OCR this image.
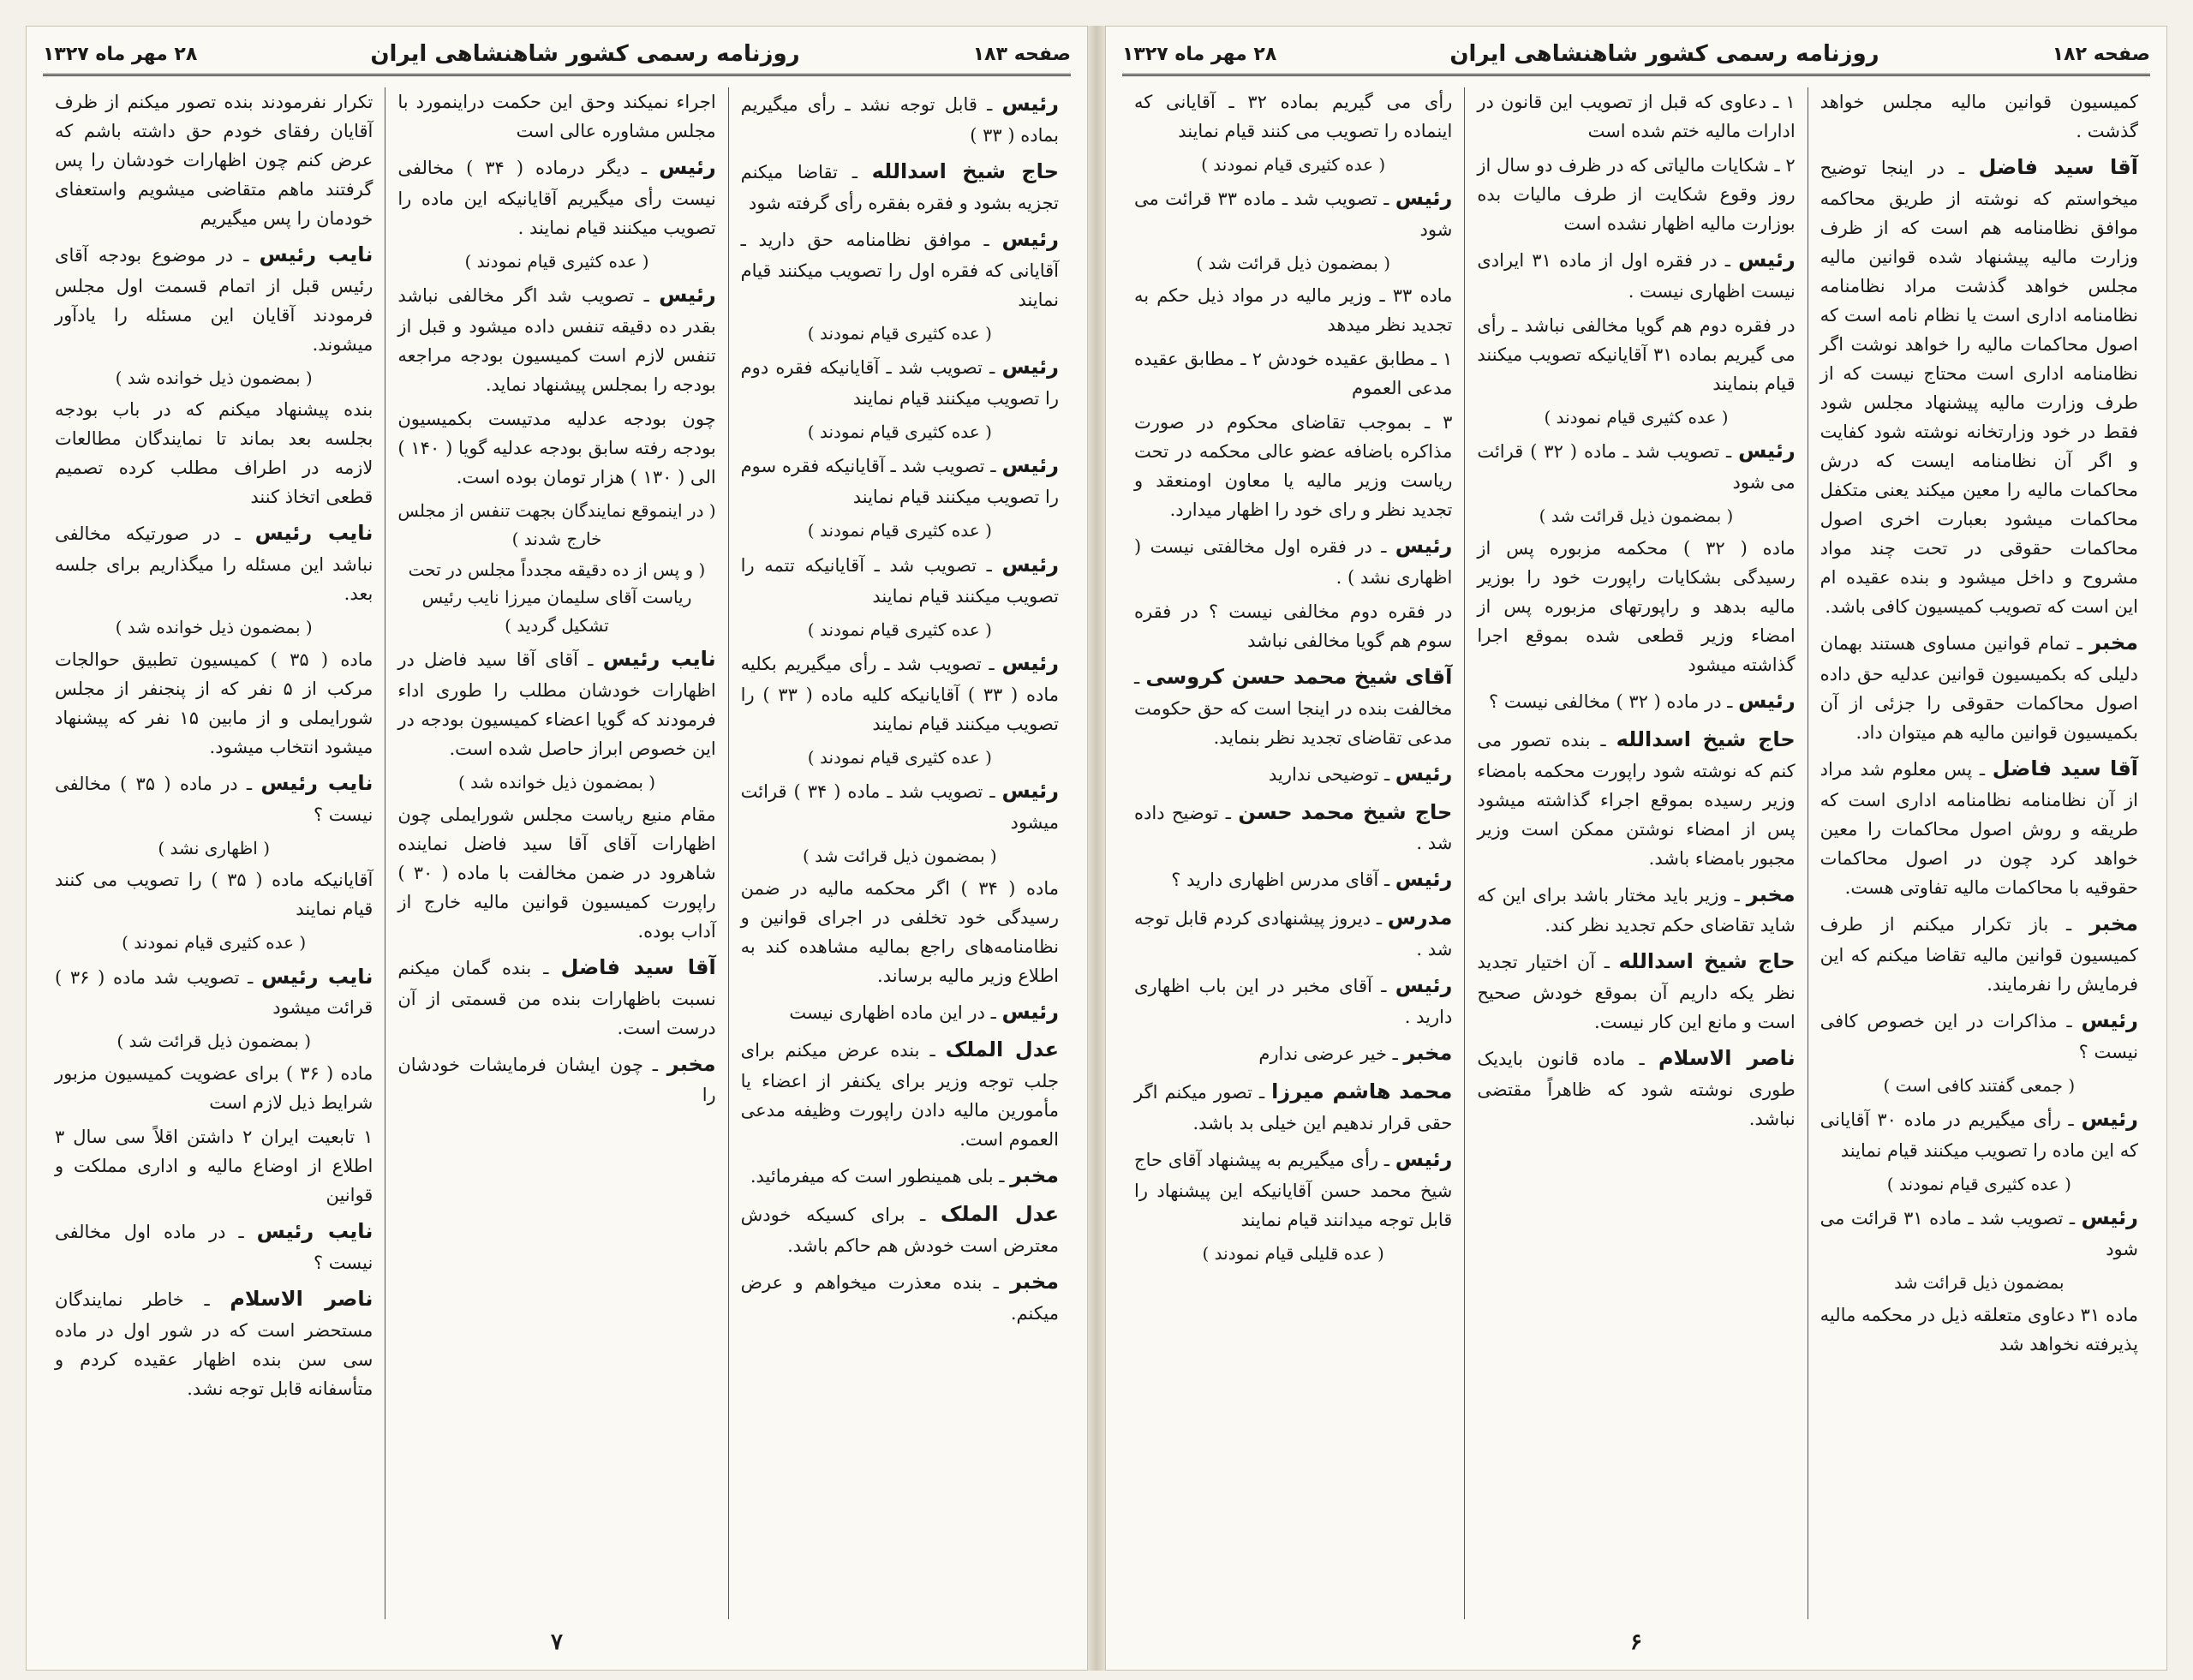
صفحه ۱۸۲
روزنامه رسمی کشور شاهنشاهی ایران
۲۸ مهر ماه ۱۳۲۷

کمیسیون قوانین مالیه مجلس خواهد گذشت .

آقا سید فاضل ـ در اینجا توضیح میخواستم که نوشته از طریق محاکمه موافق نظامنامه هم است که از ظرف وزارت مالیه پیشنهاد شده قوانین مالیه مجلس خواهد گذشت مراد نظامنامه نظامنامه اداری است یا نظام نامه است که اصول محاکمات مالیه را خواهد نوشت اگر نظامنامه اداری است محتاج نیست که از طرف وزارت مالیه پیشنهاد مجلس شود فقط در خود وزارتخانه نوشته شود کفایت و اگر آن نظامنامه ایست که درش محاکمات مالیه را معین میکند یعنی متکفل محاکمات میشود بعبارت اخری اصول محاکمات حقوقی در تحت چند مواد مشروح و داخل میشود و بنده عقیده ام این است که تصویب کمیسیون کافی باشد.

مخبر ـ تمام قوانین مساوی هستند بهمان دلیلی که بکمیسیون قوانین عدلیه حق داده اصول محاکمات حقوقی را جزئی از آن بکمیسیون قوانین مالیه هم میتوان داد.

آقا سید فاضل ـ پس معلوم شد مراد از آن نظامنامه نظامنامه اداری است که طریقه و روش اصول محاکمات را معین خواهد کرد چون در اصول محاکمات حقوقیه با محاکمات مالیه تفاوتی هست.

مخبر ـ باز تکرار میکنم از طرف کمیسیون قوانین مالیه تقاضا میکنم که این فرمایش را نفرمایند.

رئیس ـ مذاکرات در این خصوص کافی نیست ؟

( جمعی گفتند کافی است )

رئیس ـ رأی میگیریم در ماده ۳۰ آقایانی که این ماده را تصویب میکنند قیام نمایند

( عده کثیری قیام نمودند )

رئیس ـ تصویب شد ـ ماده ۳۱ قرائت می شود

بمضمون ذیل قرائت شد

ماده ۳۱ دعاوی متعلقه ذیل در محکمه مالیه پذیرفته نخواهد شد

۱ ـ دعاوی که قبل از تصویب این قانون در ادارات مالیه ختم شده است

۲ ـ شکایات مالیاتی که در ظرف دو سال از روز وقوع شکایت از طرف مالیات بده بوزارت مالیه اظهار نشده است

رئیس ـ در فقره اول از ماده ۳۱ ایرادی نیست اظهاری نیست .

در فقره دوم هم گویا مخالفی نباشد ـ رأی می گیریم بماده ۳۱ آقایانیکه تصویب میکنند قیام بنمایند

( عده کثیری قیام نمودند )

رئیس ـ تصویب شد ـ ماده ( ۳۲ ) قرائت می شود

( بمضمون ذیل قرائت شد )

ماده ( ۳۲ ) محکمه مزبوره پس از رسیدگی بشکایات راپورت خود را بوزیر مالیه بدهد و راپورتهای مزبوره پس از امضاء وزیر قطعی شده بموقع اجرا گذاشته میشود

رئیس ـ در ماده ( ۳۲ ) مخالفی نیست ؟

حاج شیخ اسدالله ـ بنده تصور می کنم که نوشته شود راپورت محکمه بامضاء وزیر رسیده بموقع اجراء گذاشته میشود پس از امضاء نوشتن ممکن است وزیر مجبور بامضاء باشد.

مخبر ـ وزیر باید مختار باشد برای این که شاید تقاضای حکم تجدید نظر کند.

حاج شیخ اسدالله ـ آن اختیار تجدید نظر یکه داریم آن بموقع خودش صحیح است و مانع این کار نیست.

ناصر الاسلام ـ ماده قانون بایدیک طوری نوشته شود که ظاهراً مقتضی نباشد.

رأی می گیریم بماده ۳۲ ـ آقایانی که اینماده را تصویب می کنند قیام نمایند

( عده کثیری قیام نمودند )

رئیس ـ تصویب شد ـ ماده ۳۳ قرائت می شود

( بمضمون ذیل قرائت شد )

ماده ۳۳ ـ وزیر مالیه در مواد ذیل حکم به تجدید نظر میدهد

۱ ـ مطابق عقیده خودش ۲ ـ مطابق عقیده مدعی العموم

۳ ـ بموجب تقاضای محکوم در صورت مذاکره باضافه عضو عالی محکمه در تحت ریاست وزیر مالیه یا معاون اومنعقد و تجدید نظر و رای خود را اظهار میدارد.

رئیس ـ در فقره اول مخالفتی نیست ( اظهاری نشد ) .

در فقره دوم مخالفی نیست ؟ در فقره سوم هم گویا مخالفی نباشد

آقای شیخ محمد حسن کروسی ـ مخالفت بنده در اینجا است که حق حکومت مدعی تقاضای تجدید نظر بنماید.

رئیس ـ توضیحی ندارید

حاج شیخ محمد حسن ـ توضیح داده شد .

رئیس ـ آقای مدرس اظهاری دارید ؟

مدرس ـ دیروز پیشنهادی کردم قابل توجه شد .

رئیس ـ آقای مخبر در این باب اظهاری دارید .

مخبر ـ خیر عرضی ندارم

محمد هاشم میرزا ـ تصور میکنم اگر حقی قرار ندهیم این خیلی بد باشد.

رئیس ـ رأی میگیریم به پیشنهاد آقای حاج شیخ محمد حسن آقایانیکه این پیشنهاد را قابل توجه میدانند قیام نمایند

( عده قلیلی قیام نمودند )
۶
۲۸ مهر ماه ۱۳۲۷	روزنامه رسمی کشور شاهنشاهی ایران	صفحه ۱۸۳

رئیس ـ قابل توجه نشد ـ رأی میگیریم بماده ( ۳۳ )

حاج شیخ اسدالله ـ تقاضا میکنم تجزیه بشود و فقره بفقره رأی گرفته شود

رئیس ـ موافق نظامنامه حق دارید ـ آقایانی که فقره اول را تصویب میکنند قیام نمایند

( عده کثیری قیام نمودند )

رئیس ـ تصویب شد ـ آقایانیکه فقره دوم را تصویب میکنند قیام نمایند

( عده کثیری قیام نمودند )

رئیس ـ تصویب شد ـ آقایانیکه فقره سوم را تصویب میکنند قیام نمایند

( عده کثیری قیام نمودند )

رئیس ـ تصویب شد ـ آقایانیکه تتمه را تصویب میکنند قیام نمایند

( عده کثیری قیام نمودند )

رئیس ـ تصویب شد ـ رأی میگیریم بکلیه ماده ( ۳۳ ) آقایانیکه کلیه ماده ( ۳۳ ) را تصویب میکنند قیام نمایند

( عده کثیری قیام نمودند )

رئیس ـ تصویب شد ـ ماده ( ۳۴ ) قرائت میشود

( بمضمون ذیل قرائت شد )

ماده ( ۳۴ ) اگر محکمه مالیه در ضمن رسیدگی خود تخلفی در اجرای قوانین و نظامنامه‌های راجع بمالیه مشاهده کند به اطلاع وزیر مالیه برساند.

رئیس ـ در این ماده اظهاری نیست

عدل الملک ـ بنده عرض میکنم برای جلب توجه وزیر برای یکنفر از اعضاء یا مأمورین مالیه دادن راپورت وظیفه مدعی العموم است.

مخبر ـ بلی همینطور است که میفرمائید.

عدل الملک ـ برای کسیکه خودش معترض است خودش هم حاکم باشد.

مخبر ـ بنده معذرت میخواهم و عرض میکنم.

اجراء نمیکند وحق این حکمت دراینمورد با مجلس مشاوره عالی است

رئیس ـ دیگر درماده ( ۳۴ ) مخالفی نیست رأی میگیریم آقایانیکه این ماده را تصویب میکنند قیام نمایند .

( عده کثیری قیام نمودند )

رئیس ـ تصویب شد اگر مخالفی نباشد بقدر ده دقیقه تنفس داده میشود و قبل از تنفس لازم است کمیسیون بودجه مراجعه بودجه را بمجلس پیشنهاد نماید.

چون بودجه عدلیه مدتیست بکمیسیون بودجه رفته سابق بودجه عدلیه گویا ( ۱۴۰ ) الی ( ۱۳۰ ) هزار تومان بوده است.

( در اینموقع نمایندگان بجهت تنفس از مجلس خارج شدند )
( و پس از ده دقیقه مجدداً مجلس در تحت ریاست آقای سلیمان میرزا نایب رئیس تشکیل گردید )

نایب رئیس ـ آقای آقا سید فاضل در اظهارات خودشان مطلب را طوری اداء فرمودند که گویا اعضاء کمیسیون بودجه در این خصوص ابراز حاصل شده است.

( بمضمون ذیل خوانده شد )

مقام منیع ریاست مجلس شورایملی چون اظهارات آقای آقا سید فاضل نماینده شاهرود در ضمن مخالفت با ماده ( ۳۰ ) راپورت کمیسیون قوانین مالیه خارج از آداب بوده.

آقا سید فاضل ـ بنده گمان میکنم نسبت باظهارات بنده من قسمتی از آن درست است.

مخبر ـ چون ایشان فرمایشات خودشان را

تکرار نفرمودند بنده تصور میکنم از ظرف آقایان رفقای خودم حق داشته باشم که عرض کنم چون اظهارات خودشان را پس گرفتند ماهم متقاضی میشویم واستعفای خودمان را پس میگیریم

نایب رئیس ـ در موضوع بودجه آقای رئیس قبل از اتمام قسمت اول مجلس فرمودند آقایان این مسئله را یادآور میشوند.

( بمضمون ذیل خوانده شد )

بنده پیشنهاد میکنم که در باب بودجه بجلسه بعد بماند تا نمایندگان مطالعات لازمه در اطراف مطلب کرده تصمیم قطعی اتخاذ کنند

نایب رئیس ـ در صورتیکه مخالفی نباشد این مسئله را میگذاریم برای جلسه بعد.

( بمضمون ذیل خوانده شد )

ماده ( ۳۵ ) کمیسیون تطبیق حوالجات مرکب از ۵ نفر که از پنجنفر از مجلس شورایملی و از مابین ۱۵ نفر که پیشنهاد میشود انتخاب میشود.

نایب رئیس ـ در ماده ( ۳۵ ) مخالفی نیست ؟

( اظهاری نشد )

آقایانیکه ماده ( ۳۵ ) را تصویب می کنند قیام نمایند

( عده کثیری قیام نمودند )

نایب رئیس ـ تصویب شد ماده ( ۳۶ ) قرائت میشود

( بمضمون ذیل قرائت شد )

ماده ( ۳۶ ) برای عضویت کمیسیون مزبور شرایط ذیل لازم است

۱ تابعیت ایران ۲ داشتن اقلاً سی سال ۳ اطلاع از اوضاع مالیه و اداری مملکت و قوانین

نایب رئیس ـ در ماده اول مخالفی نیست ؟

ناصر الاسلام ـ خاطر نمایندگان مستحضر است که در شور اول در ماده سی سن بنده اظهار عقیده کردم و متأسفانه قابل توجه نشد.

۷
